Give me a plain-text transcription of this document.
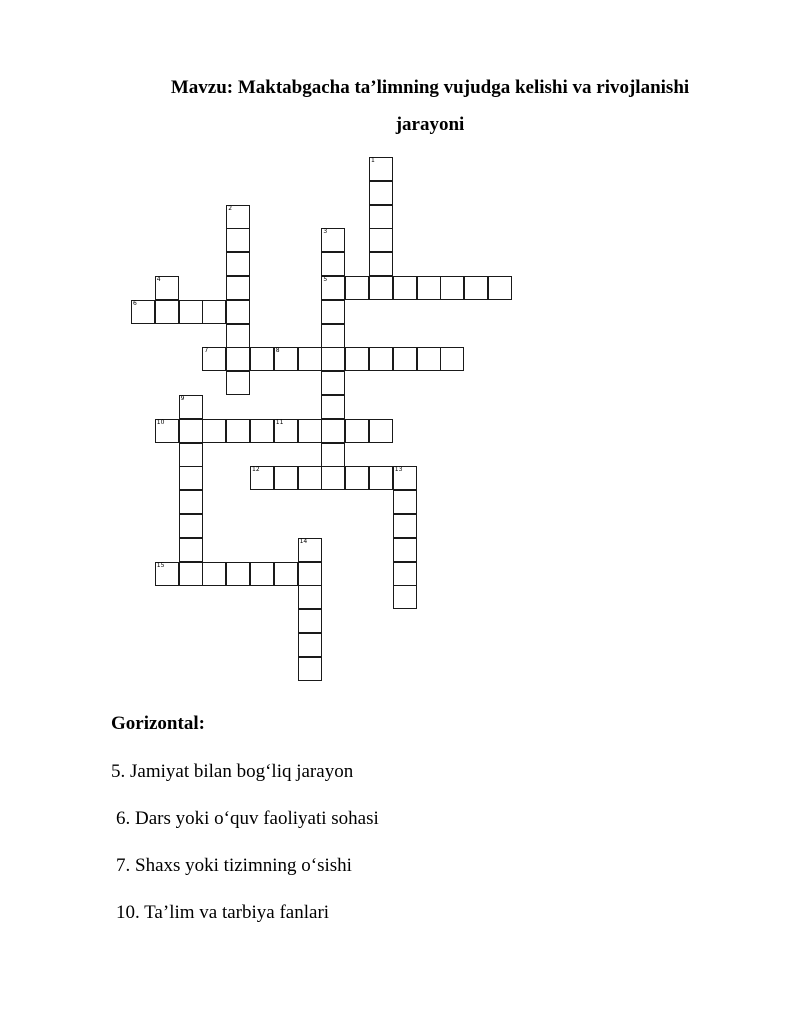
Mavzu: Maktabgacha ta’limning vujudga kelishi va rivojlanishi
jarayoni
1
2
3
5
4
6
7	8
9
10	11
12	13
14
15
Gorizontal:
5. Jamiyat bilan bog‘liq jarayon
6. Dars yoki o‘quv faoliyati sohasi
7. Shaxs yoki tizimning o‘sishi
10. Ta’lim va tarbiya fanlari
